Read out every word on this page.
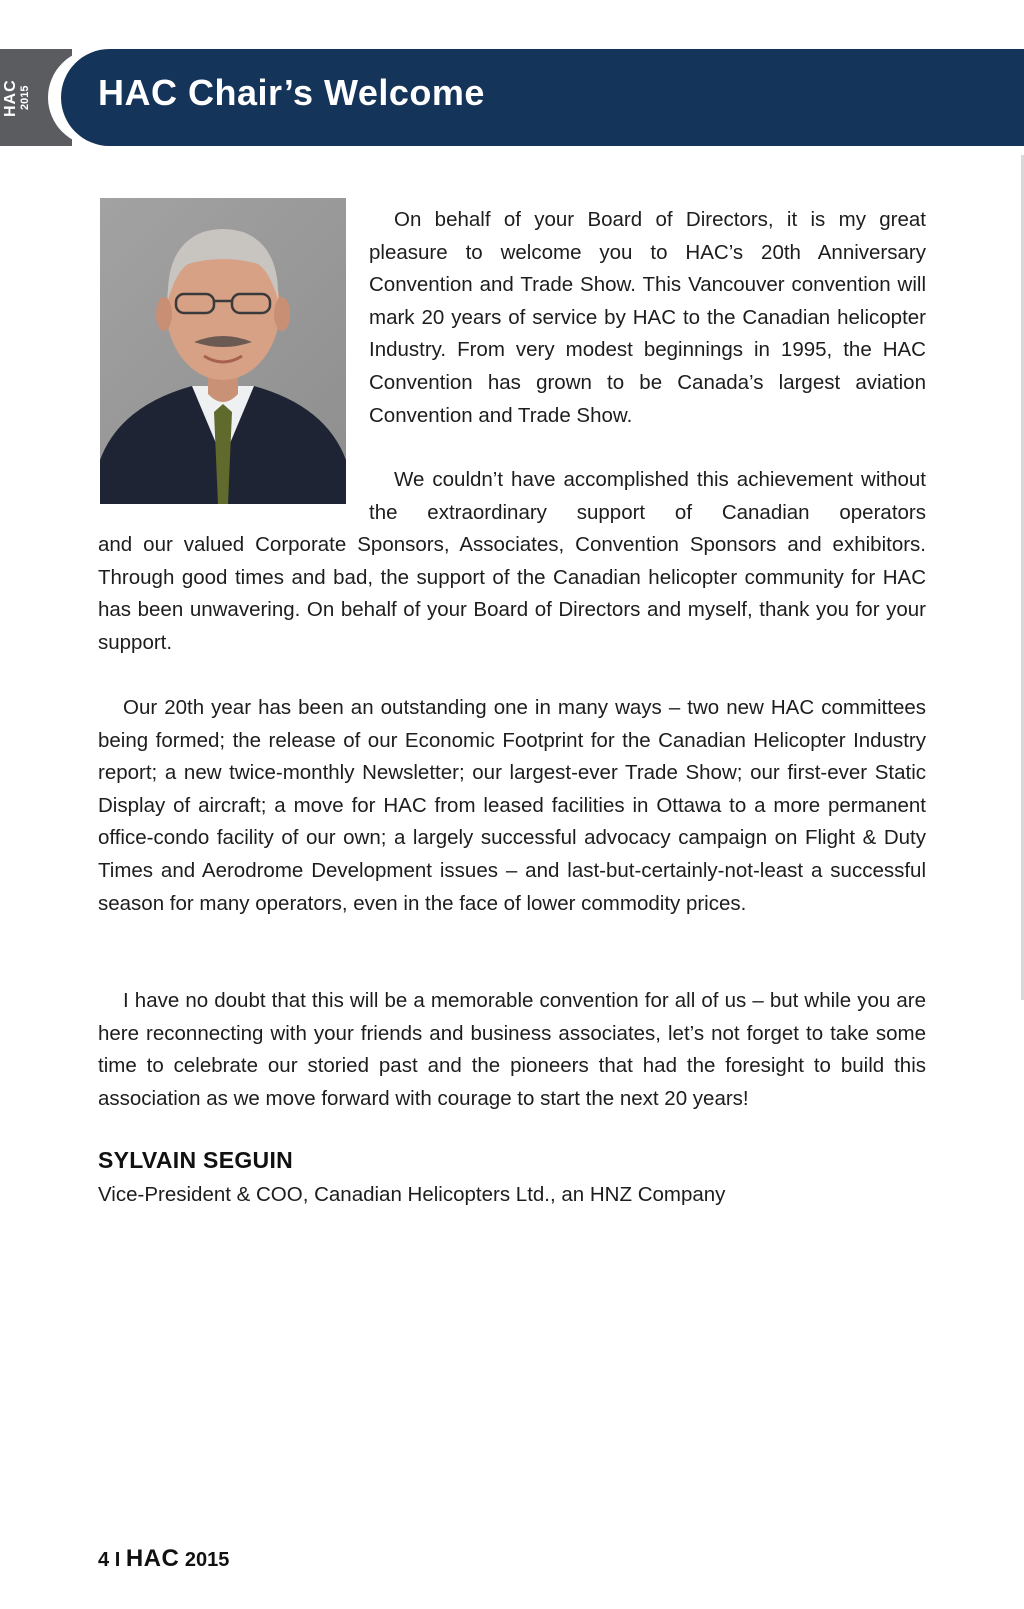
HAC 2015 HAC Chair’s Welcome

On behalf of your Board of Directors, it is my great pleasure to welcome you to HAC’s 20th Anniversary Convention and Trade Show. This Vancouver convention will mark 20 years of service by HAC to the Canadian helicopter Industry. From very modest beginnings in 1995, the HAC Convention has grown to be Canada’s largest aviation Convention and Trade Show.

We couldn’t have accomplished this achievement without the extraordinary support of Canadian operators

and our valued Corporate Sponsors, Associates, Convention Sponsors and exhibitors. Through good times and bad, the support of the Canadian helicopter community for HAC has been unwavering. On behalf of your Board of Directors and myself, thank you for your support.

Our 20th year has been an outstanding one in many ways – two new HAC committees being formed; the release of our Economic Footprint for the Canadian Helicopter Industry report; a new twice-monthly Newsletter; our largest-ever Trade Show; our first-ever Static Display of aircraft; a move for HAC from leased facilities in Ottawa to a more permanent office-condo facility of our own; a largely successful advocacy campaign on Flight & Duty Times and Aerodrome Development issues – and last-but-certainly-not-least a successful season for many operators, even in the face of lower commodity prices.

I have no doubt that this will be a memorable convention for all of us – but while you are here reconnecting with your friends and business associates, let’s not forget to take some time to celebrate our storied past and the pioneers that had the foresight to build this association as we move forward with courage to start the next 20 years!

SYLVAIN SEGUIN

Vice-President & COO, Canadian Helicopters Ltd., an HNZ Company

4 I HAC 2015
